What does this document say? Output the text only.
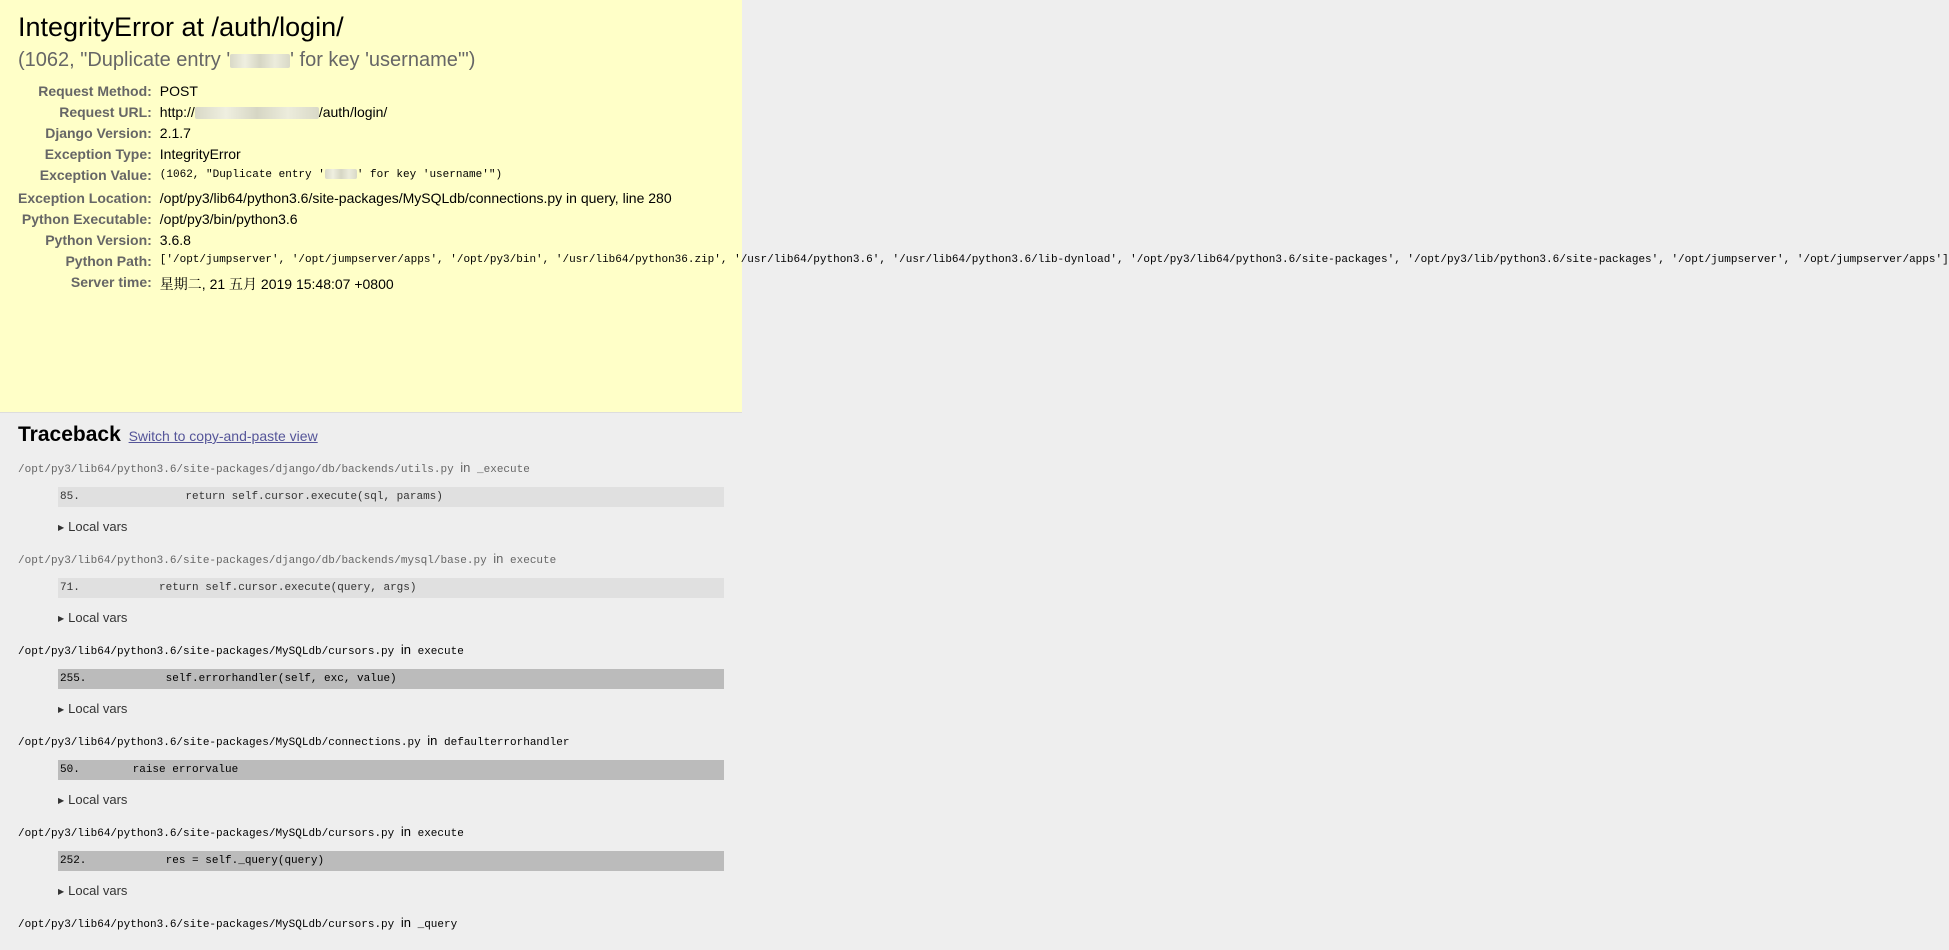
IntegrityError at /auth/login/
(1062, "Duplicate entry '	' for key 'username'")
Request Method:	POST
Request URL:	http:// /auth/login/
Django Version:	2.1.7
Exception Type:	IntegrityError
Exception Value:	(1062, "Duplicate entry ' ' for key 'username'")
Exception Location:	/opt/py3/lib64/python3.6/site-packages/MySQLdb/connections.py in query, line 280
Python Executable:	/opt/py3/bin/python3.6
Python Version:	3.6.8
Python Path:	['/opt/jumpserver', '/opt/jumpserver/apps', '/opt/py3/bin', '/usr/lib64/python36.zip', '/usr/lib64/python3.6', '/usr/lib64/python3.6/lib-dynload', '/opt/py3/lib64/python3.6/site-packages', '/opt/py3/lib/python3.6/site-packages', '/opt/jumpserver', '/opt/jumpserver/apps']
Server time:	星期二, 21 五月 2019 15:48:07 +0800
Traceback Switch to copy-and-paste view
/opt/py3/lib64/python3.6/site-packages/django/db/backends/utils.py in _execute
85.                return self.cursor.execute(sql, params)
▶ Local vars
/opt/py3/lib64/python3.6/site-packages/django/db/backends/mysql/base.py in execute
71.            return self.cursor.execute(query, args)
▶ Local vars
/opt/py3/lib64/python3.6/site-packages/MySQLdb/cursors.py in execute
255.            self.errorhandler(self, exc, value)
▶ Local vars
/opt/py3/lib64/python3.6/site-packages/MySQLdb/connections.py in defaulterrorhandler
50.        raise errorvalue
▶ Local vars
/opt/py3/lib64/python3.6/site-packages/MySQLdb/cursors.py in execute
252.            res = self._query(query)
▶ Local vars
/opt/py3/lib64/python3.6/site-packages/MySQLdb/cursors.py in _query
